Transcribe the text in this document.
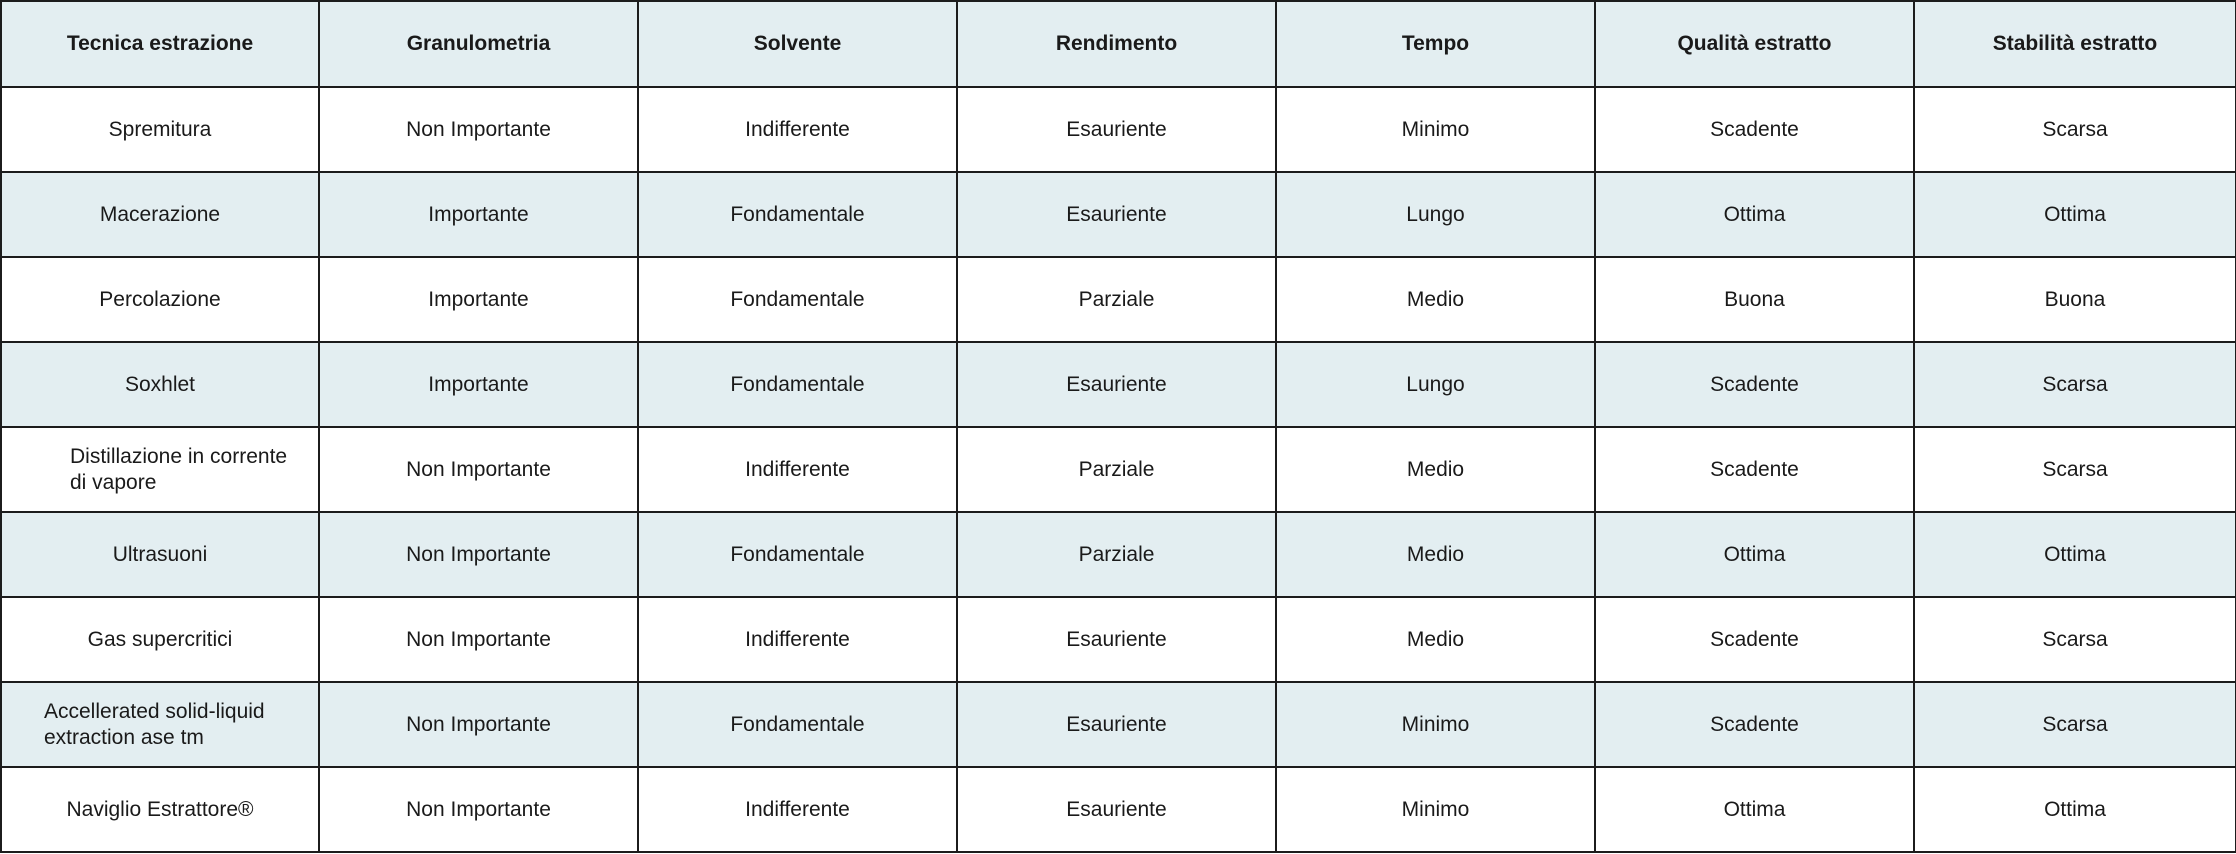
Tecnica estrazione	Granulometria	Solvente	Rendimento	Tempo	Qualità estratto	Stabilità estratto
Spremitura	Non Importante	Indifferente	Esauriente	Minimo	Scadente	Scarsa
Macerazione	Importante	Fondamentale	Esauriente	Lungo	Ottima	Ottima
Percolazione	Importante	Fondamentale	Parziale	Medio	Buona	Buona
Soxhlet	Importante	Fondamentale	Esauriente	Lungo	Scadente	Scarsa
Distillazione in corrente di vapore	Non Importante	Indifferente	Parziale	Medio	Scadente	Scarsa
Ultrasuoni	Non Importante	Fondamentale	Parziale	Medio	Ottima	Ottima
Gas supercritici	Non Importante	Indifferente	Esauriente	Medio	Scadente	Scarsa
Accellerated solid-liquid extraction ase tm	Non Importante	Fondamentale	Esauriente	Minimo	Scadente	Scarsa
Naviglio Estrattore®	Non Importante	Indifferente	Esauriente	Minimo	Ottima	Ottima
